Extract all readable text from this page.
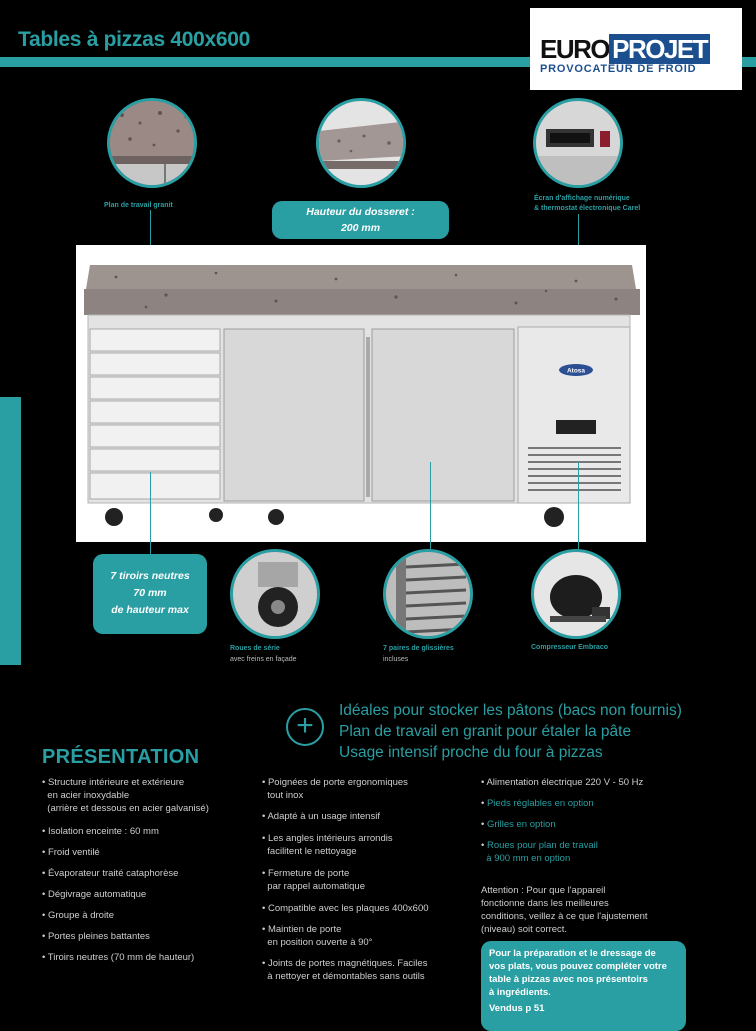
Tables à pizzas 400x600	EURO PROJET
PROVOCATEUR DE FROID
Plan de travail granit
Hauteur du dosseret :
200 mm
Écran d'affichage numérique
& thermostat électronique Carel
Atosa
7 tiroirs neutres
70 mm
de hauteur max
Roues de série
avec freins en façade
7 paires de glissières
incluses
Compresseur Embraco
+	Idéales pour stocker les pâtons (bacs non fournis)
Plan de travail en granit pour étaler la pâte
Usage intensif proche du four à pizzas
PRÉSENTATION
• Structure intérieure et extérieure
en acier inoxydable
(arrière et dessous en acier galvanisé)
• Isolation enceinte : 60 mm
• Froid ventilé
• Évaporateur traité cataphorèse
• Dégivrage automatique
• Groupe à droite
• Portes pleines battantes
• Tiroirs neutres (70 mm de hauteur)
• Poignées de porte ergonomiques
tout inox
• Adapté à un usage intensif
• Les angles intérieurs arrondis
facilitent le nettoyage
• Fermeture de porte
par rappel automatique
• Compatible avec les plaques 400x600
• Maintien de porte
en position ouverte à 90°
• Joints de portes magnétiques. Faciles
à nettoyer et démontables sans outils
• Alimentation électrique 220 V - 50 Hz
• Pieds réglables en option
• Grilles en option
• Roues pour plan de travail
à 900 mm en option
Attention : Pour que l'appareil
fonctionne dans les meilleures
conditions, veillez à ce que l'ajustement
(niveau) soit correct.
Pour la préparation et le dressage de
vos plats, vous pouvez compléter votre
table à pizzas avec nos présentoirs
à ingrédients.
Vendus p 51
